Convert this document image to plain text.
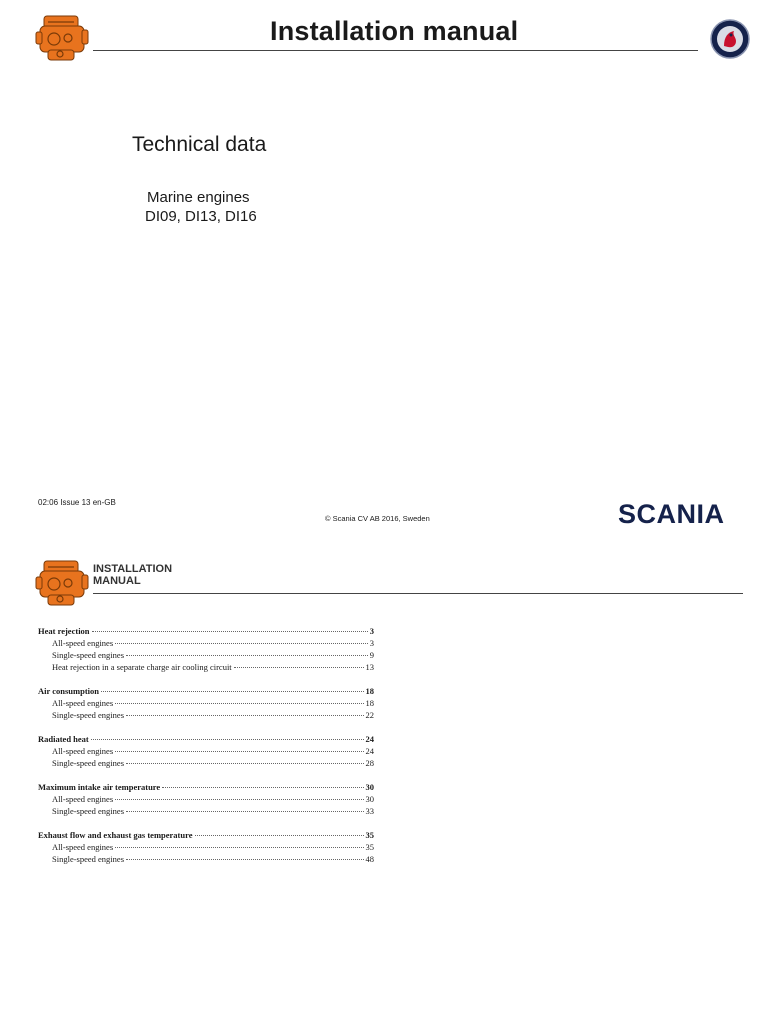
Installation manual
Technical data
Marine engines
DI09, DI13, DI16
02:06 Issue 13 en-GB
© Scania CV AB 2016, Sweden	SCANIA
INSTALLATION
MANUAL
Heat rejection	3
All-speed engines	3
Single-speed engines	9
Heat rejection in a separate charge air cooling circuit	13
Air consumption	18
All-speed engines	18
Single-speed engines	22
Radiated heat	24
All-speed engines	24
Single-speed engines	28
Maximum intake air temperature	30
All-speed engines	30
Single-speed engines	33
Exhaust flow and exhaust gas temperature	35
All-speed engines	35
Single-speed engines	48
